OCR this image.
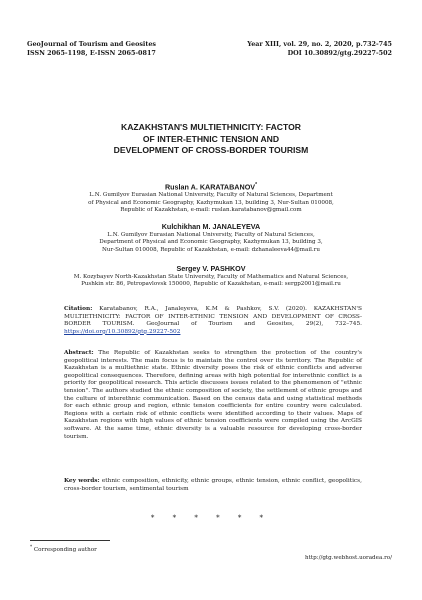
GeoJournal of Tourism and Geosites
ISSN 2065-1198, E-ISSN 2065-0817
Year XIII, vol. 29, no. 2, 2020, p.732-745
DOI 10.30892/gtg.29227-502
KAZAKHSTAN'S MULTIETHNICITY: FACTOR
OF INTER-ETHNIC TENSION AND
DEVELOPMENT OF CROSS-BORDER TOURISM
Ruslan A. KARATABANOV*
L.N. Gumilyov Eurasian National University, Faculty of Natural Sciences, Department
of Physical and Economic Geography, Kazhymukan 13, building 3, Nur-Sultan 010008,
Republic of Kazakhstan, e-mail: ruslan.karatabanov@gmail.com
Kulchikhan M. JANALEYEVA
L.N. Gumilyov Eurasian National University, Faculty of Natural Sciences,
Department of Physical and Economic Geography, Kazhymukan 13, building 3,
Nur-Sultan 010008, Republic of Kazakhstan, e-mail: dzhanaleeva44@mail.ru
Sergey V. PASHKOV
M. Kozybayev North-Kazakhstan State University, Faculty of Mathematics and Natural Sciences,
Pushkin str. 86, Petropavlovsk 150000, Republic of Kazakhstan, e-mail: sergp2001@mail.ru
Citation: Karatabanov, R.A., Janaleyeva, K.M & Pashkov, S.V. (2020). KAZAKHSTAN'S MULTIETHNICITY: FACTOR OF INTER-ETHNIC TENSION AND DEVELOPMENT OF CROSS-BORDER TOURISM. GeoJournal of Tourism and Geosites, 29(2), 732–745. https://doi.org/10.30892/gtg.29227-502
Abstract: The Republic of Kazakhstan seeks to strengthen the protection of the country's geopolitical interests. The main focus is to maintain the control over its territory. The Republic of Kazakhstan is a multiethnic state. Ethnic diversity poses the risk of ethnic conflicts and adverse geopolitical consequences. Therefore, defining areas with high potential for interethnic conflict is a priority for geopolitical research. This article discusses issues related to the phenomenon of "ethnic tension". The authors studied the ethnic composition of society, the settlement of ethnic groups and the culture of interethnic communication. Based on the census data and using statistical methods for each ethnic group and region, ethnic tension coefficients for entire country were calculated. Regions with a certain risk of ethnic conflicts were identified according to their values. Maps of Kazakhstan regions with high values of ethnic tension coefficients were compiled using the ArcGIS software. At the same time, ethnic diversity is a valuable resource for developing cross-border tourism.
Key words: ethnic composition, ethnicity, ethnic groups, ethnic tension, ethnic conflict, geopolitics, cross-border tourism, sentimental tourism
* * * * * *
* Corresponding author
http://gtg.webhost.uoradea.ro/
